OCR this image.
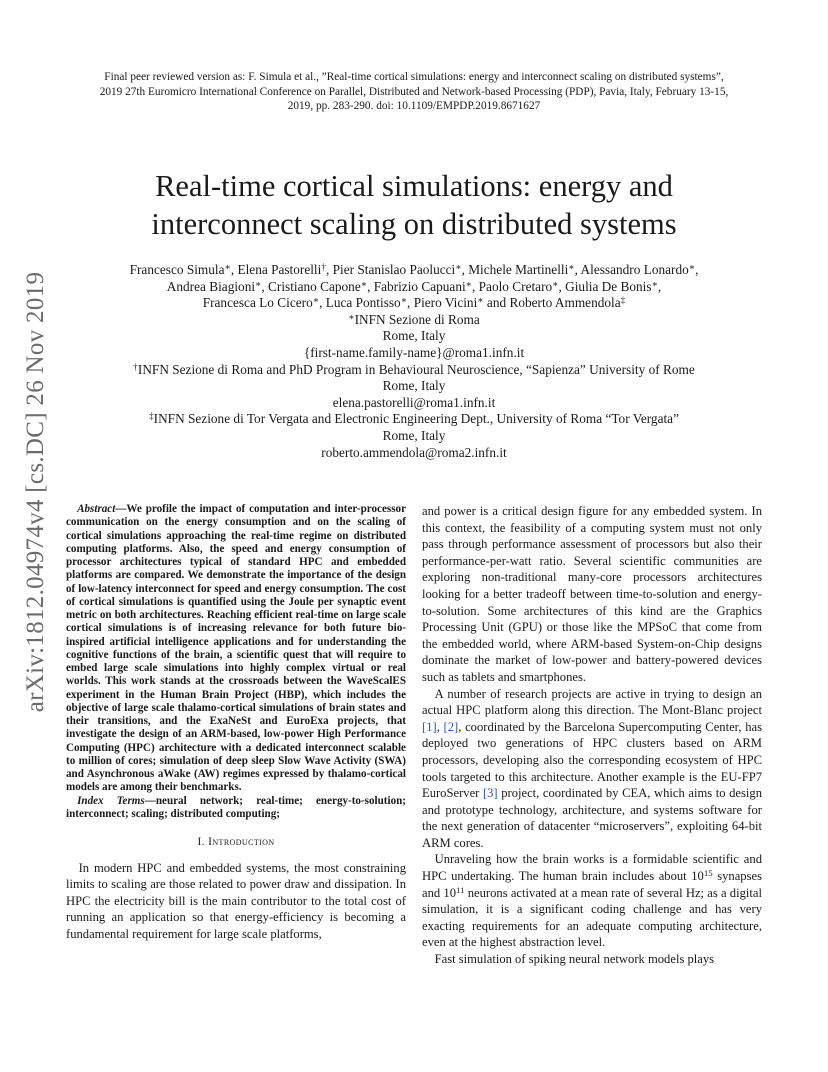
arXiv:1812.04974v4 [cs.DC] 26 Nov 2019
Final peer reviewed version as: F. Simula et al., ”Real-time cortical simulations: energy and interconnect scaling on distributed systems”,
2019 27th Euromicro International Conference on Parallel, Distributed and Network-based Processing (PDP), Pavia, Italy, February 13-15,
2019, pp. 283-290. doi: 10.1109/EMPDP.2019.8671627
Real-time cortical simulations: energy and
interconnect scaling on distributed systems
Francesco Simula∗, Elena Pastorelli†, Pier Stanislao Paolucci∗, Michele Martinelli∗, Alessandro Lonardo∗,
Andrea Biagioni∗, Cristiano Capone∗, Fabrizio Capuani∗, Paolo Cretaro∗, Giulia De Bonis∗,
Francesca Lo Cicero∗, Luca Pontisso∗, Piero Vicini∗ and Roberto Ammendola‡
∗INFN Sezione di Roma
Rome, Italy
{first-name.family-name}@roma1.infn.it
†INFN Sezione di Roma and PhD Program in Behavioural Neuroscience, “Sapienza” University of Rome
Rome, Italy
elena.pastorelli@roma1.infn.it
‡INFN Sezione di Tor Vergata and Electronic Engineering Dept., University of Roma “Tor Vergata”
Rome, Italy
roberto.ammendola@roma2.infn.it

Abstract—We profile the impact of computation and inter-processor communication on the energy consumption and on the scaling of cortical simulations approaching the real-time regime on distributed computing platforms. Also, the speed and energy consumption of processor architectures typical of standard HPC and embedded platforms are compared. We demonstrate the importance of the design of low-latency interconnect for speed and energy consumption. The cost of cortical simulations is quantified using the Joule per synaptic event metric on both architectures. Reaching efficient real-time on large scale cortical simulations is of increasing relevance for both future bio-inspired artificial intelligence applications and for understanding the cognitive functions of the brain, a scientific quest that will require to embed large scale simulations into highly complex virtual or real worlds. This work stands at the crossroads between the WaveScalES experiment in the Human Brain Project (HBP), which includes the objective of large scale thalamo-cortical simulations of brain states and their transitions, and the ExaNeSt and EuroExa projects, that investigate the design of an ARM-based, low-power High Performance Computing (HPC) architecture with a dedicated interconnect scalable to million of cores; simulation of deep sleep Slow Wave Activity (SWA) and Asynchronous aWake (AW) regimes expressed by thalamo-cortical models are among their benchmarks.

Index Terms—neural network; real-time; energy-to-solution; interconnect; scaling; distributed computing;

I. Introduction

In modern HPC and embedded systems, the most constraining limits to scaling are those related to power draw and dissipation. In HPC the electricity bill is the main contributor to the total cost of running an application so that energy-efficiency is becoming a fundamental requirement for large scale platforms,

and power is a critical design figure for any embedded system. In this context, the feasibility of a computing system must not only pass through performance assessment of processors but also their performance-per-watt ratio. Several scientific communities are exploring non-traditional many-core processors architectures looking for a better tradeoff between time-to-solution and energy-to-solution. Some architectures of this kind are the Graphics Processing Unit (GPU) or those like the MPSoC that come from the embedded world, where ARM-based System-on-Chip designs dominate the market of low-power and battery-powered devices such as tablets and smartphones.

A number of research projects are active in trying to design an actual HPC platform along this direction. The Mont-Blanc project [1], [2], coordinated by the Barcelona Supercomputing Center, has deployed two generations of HPC clusters based on ARM processors, developing also the corresponding ecosystem of HPC tools targeted to this architecture. Another example is the EU-FP7 EuroServer [3] project, coordinated by CEA, which aims to design and prototype technology, architecture, and systems software for the next generation of datacenter “microservers”, exploiting 64-bit ARM cores.

Unraveling how the brain works is a formidable scientific and HPC undertaking. The human brain includes about $10^{15}$ synapses and $10^{11}$ neurons activated at a mean rate of several Hz; as a digital simulation, it is a significant coding challenge and has very exacting requirements for an adequate computing architecture, even at the highest abstraction level.

Fast simulation of spiking neural network models plays
